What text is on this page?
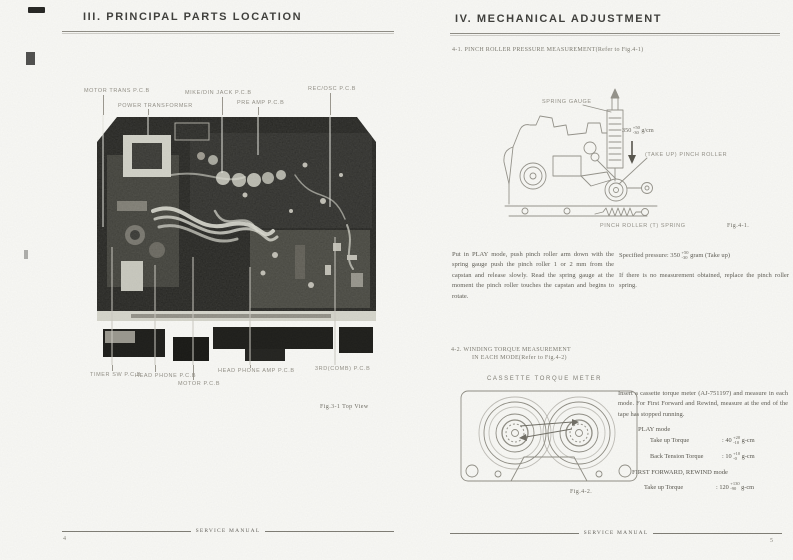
III. PRINCIPAL PARTS LOCATION
MOTOR TRANS P.C.B
POWER TRANSFORMER
MIKE/DIN JACK P.C.B
PRE AMP P.C.B
REC/OSC P.C.B
TIMER SW P.C.B
HEAD PHONE P.C.B
MOTOR P.C.B
HEAD PHONE AMP P.C.B	3RD(COMB) P.C.B
Fig.3-1 Top View
SERVICE MANUAL
4
IV. MECHANICAL ADJUSTMENT
4-1. PINCH ROLLER PRESSURE MEASUREMENT(Refer to Fig.4-1)
SPRING GAUGE
350 +50
-30 g/cm
(TAKE UP) PINCH ROLLER
PINCH ROLLER (T) SPRING	Fig.4-1.
Put in PLAY mode, push pinch roller arm down with the spring gauge push the pinch roller 1 or 2 mm from the capstan and release slowly. Read the spring gauge at the moment the pinch roller touches the capstan and begins to rotate.
Specified pressure: 350 +50
-30 gram (Take up)
If there is no measurement obtained, replace the pinch roller spring.
4-2. WINDING TORQUE MEASUREMENT
IN EACH MODE(Refer to Fig.4-2)
CASSETTE TORQUE METER
Fig.4-2.
Insert a cassette torque meter (AJ-751197) and measure in each mode. For First Forward and Rewind, measure at the end of the tape has stopped running.
PLAY mode
Take up Torque	:
40 +20
-10 g-cm
Back Tension Torque	:
10 +10
-0 g-cm
FIRST FORWARD, REWIND mode
Take up Torque	:
120 +130
-90 g-cm
SERVICE MANUAL
5
